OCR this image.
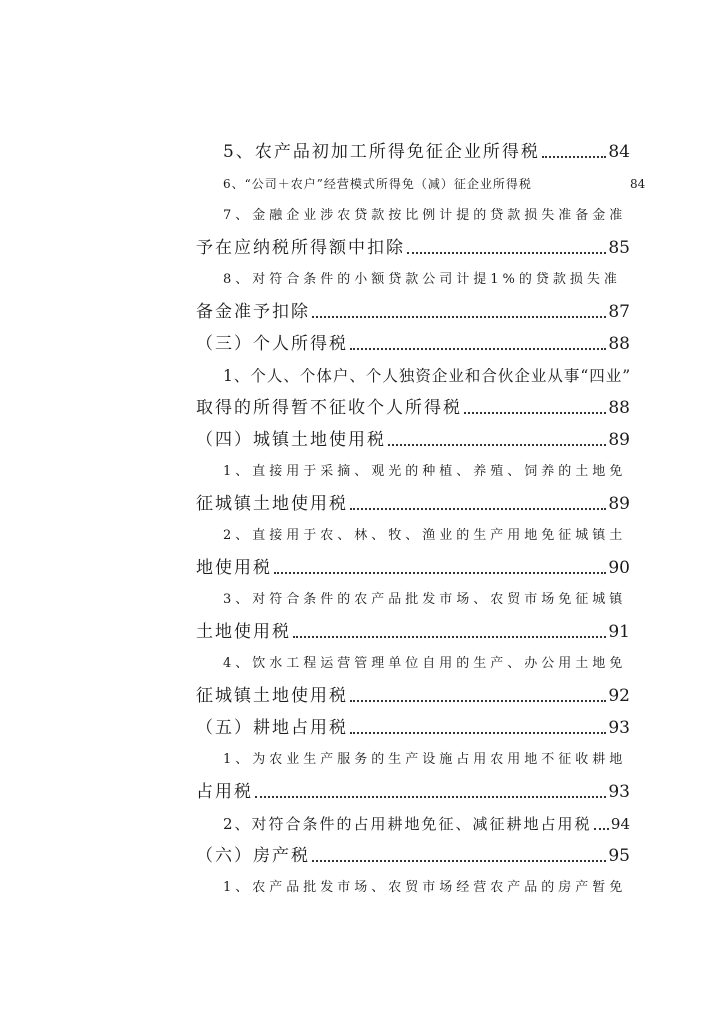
5、农产品初加工所得免征企业所得税	84
6、“公司＋农户”经营模式所得免（减）征企业所得税	84
7、金融企业涉农贷款按比例计提的贷款损失准备金准
予在应纳税所得额中扣除	85
8、对符合条件的小额贷款公司计提1%的贷款损失准
备金准予扣除	87
（三）个人所得税	88
1、个人、个体户、个人独资企业和合伙企业从事“四业”
取得的所得暂不征收个人所得税	88
（四）城镇土地使用税	89
1、直接用于采摘、观光的种植、养殖、饲养的土地免
征城镇土地使用税	89
2、直接用于农、林、牧、渔业的生产用地免征城镇土
地使用税	90
3、对符合条件的农产品批发市场、农贸市场免征城镇
土地使用税	91
4、饮水工程运营管理单位自用的生产、办公用土地免
征城镇土地使用税	92
（五）耕地占用税	93
1、为农业生产服务的生产设施占用农用地不征收耕地
占用税	93
2、对符合条件的占用耕地免征、减征耕地占用税 94
（六）房产税	95
1、农产品批发市场、农贸市场经营农产品的房产暂免
